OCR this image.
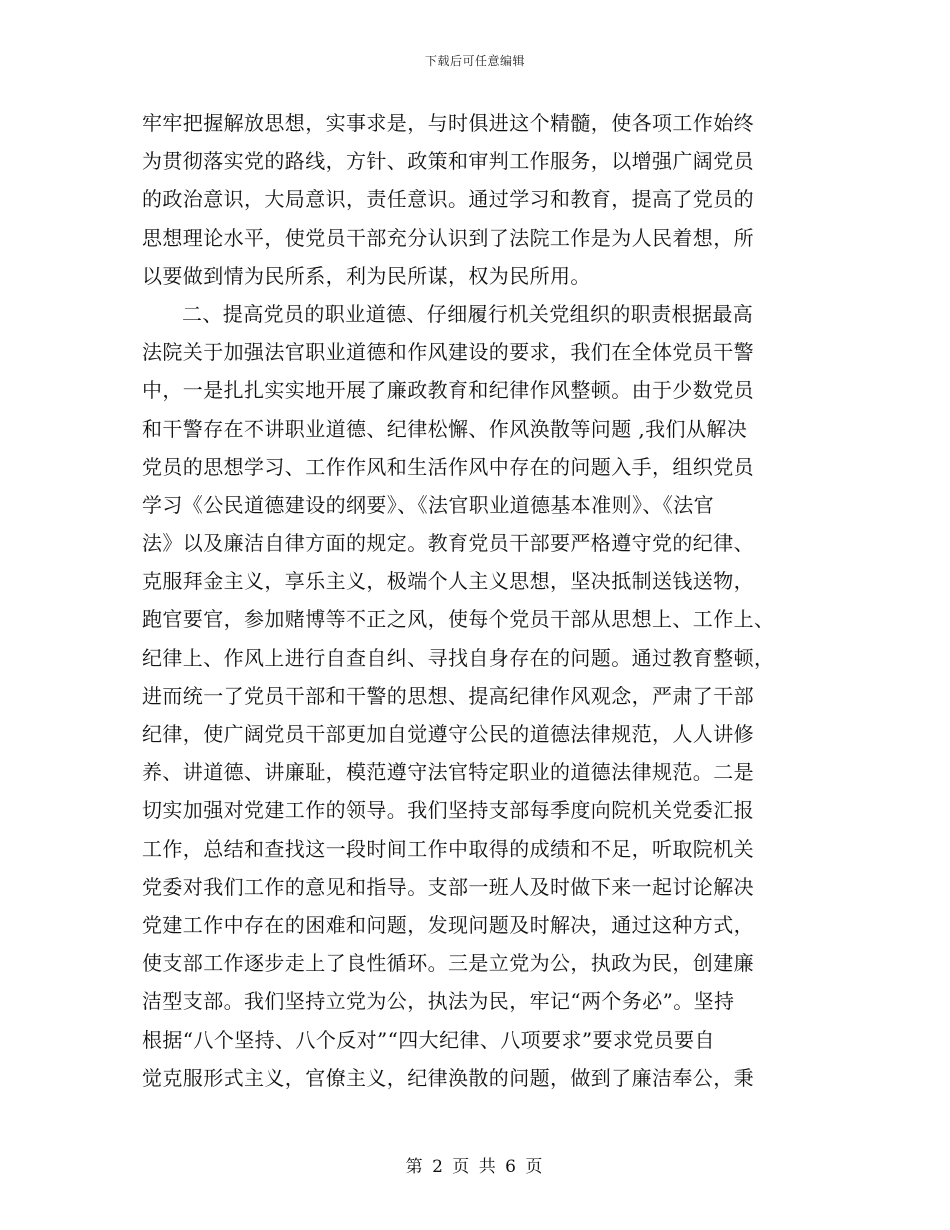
下载后可任意编辑
牢牢把握解放思想，实事求是，与时俱进这个精髓，使各项工作始终
为贯彻落实党的路线，方针、政策和审判工作服务，以增强广阔党员
的政治意识，大局意识，责任意识。通过学习和教育，提高了党员的
思想理论水平，使党员干部充分认识到了法院工作是为人民着想，所
以要做到情为民所系，利为民所谋，权为民所用。
二、提高党员的职业道德、仔细履行机关党组织的职责根据最高
法院关于加强法官职业道德和作风建设的要求，我们在全体党员干警
中，一是扎扎实实地开展了廉政教育和纪律作风整顿。由于少数党员
和干警存在不讲职业道德、纪律松懈、作风涣散等问题 ,我们从解决
党员的思想学习、工作作风和生活作风中存在的问题入手，组织党员
学习《公民道德建设的纲要》、《法官职业道德基本准则》、《法官
法》以及廉洁自律方面的规定。教育党员干部要严格遵守党的纪律、
克服拜金主义，享乐主义，极端个人主义思想，坚决抵制送钱送物，
跑官要官，参加赌博等不正之风，使每个党员干部从思想上、工作上、
纪律上、作风上进行自查自纠、寻找自身存在的问题。通过教育整顿，
进而统一了党员干部和干警的思想、提高纪律作风观念，严肃了干部
纪律，使广阔党员干部更加自觉遵守公民的道德法律规范，人人讲修
养、讲道德、讲廉耻，模范遵守法官特定职业的道德法律规范。二是
切实加强对党建工作的领导。我们坚持支部每季度向院机关党委汇报
工作，总结和查找这一段时间工作中取得的成绩和不足，听取院机关
党委对我们工作的意见和指导。支部一班人及时做下来一起讨论解决
党建工作中存在的困难和问题，发现问题及时解决，通过这种方式，
使支部工作逐步走上了良性循环。三是立党为公，执政为民，创建廉
洁型支部。我们坚持立党为公，执法为民，牢记“两个务必”。坚持
根据“八个坚持、八个反对”“四大纪律、八项要求”要求党员要自
觉克服形式主义，官僚主义，纪律涣散的问题，做到了廉洁奉公，秉
第 2 页 共 6 页
